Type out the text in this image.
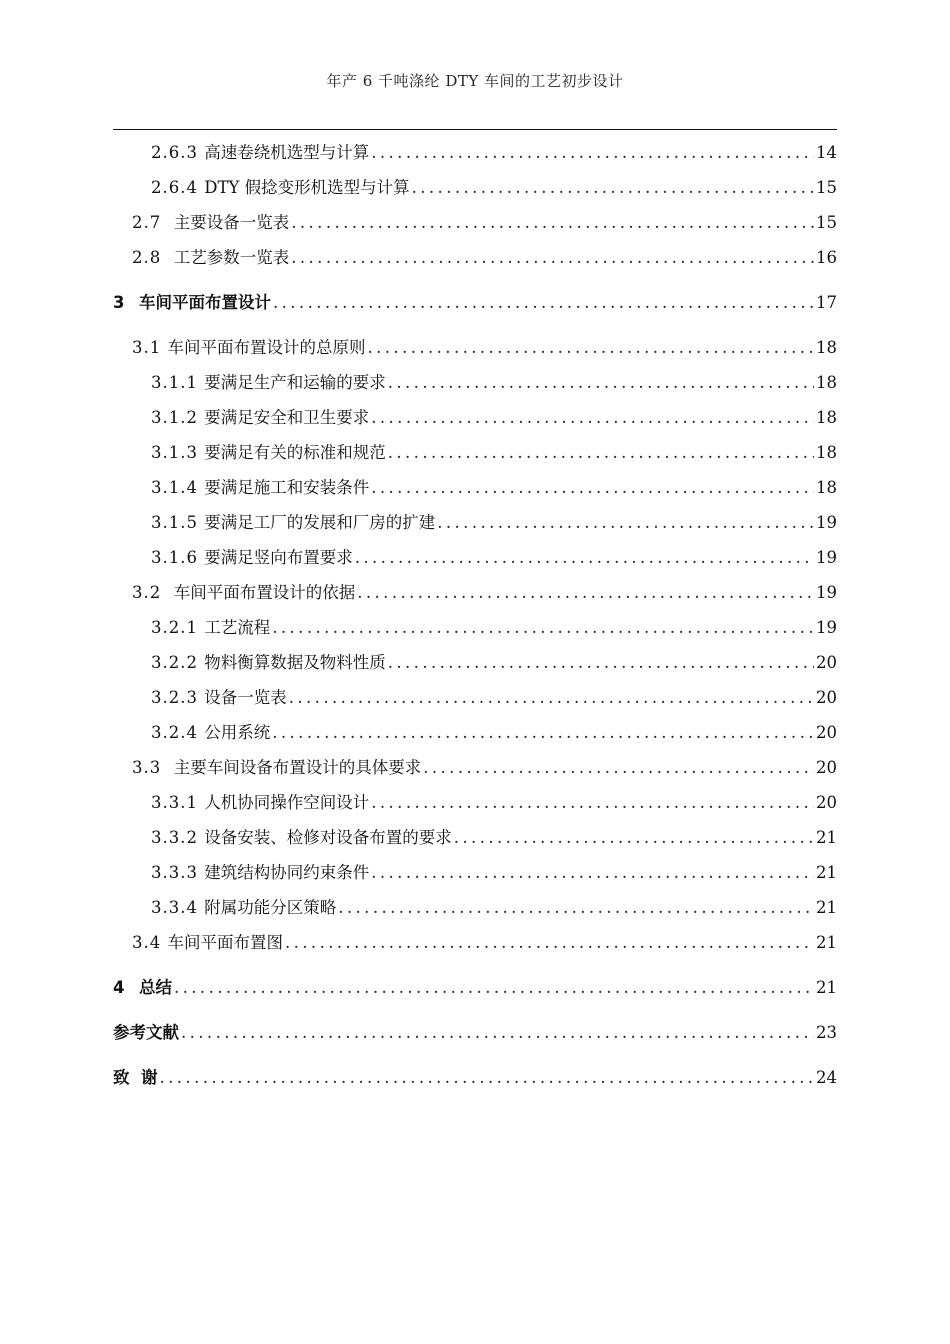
年产 6 千吨涤纶 DTY 车间的工艺初步设计
2.6.3 高速卷绕机选型与计算 .....	14
2.6.4 DTY 假捻变形机选型与计算 .....	15
2.7 主要设备一览表 .....	15
2.8 工艺参数一览表 .....	16
3 车间平面布置设计 .....	17
3.1 车间平面布置设计的总原则 .....	18
3.1.1 要满足生产和运输的要求 .....	18
3.1.2 要满足安全和卫生要求 .....	18
3.1.3 要满足有关的标准和规范 .....	18
3.1.4 要满足施工和安装条件 .....	18
3.1.5 要满足工厂的发展和厂房的扩建 .....	19
3.1.6 要满足竖向布置要求 .....	19
3.2 车间平面布置设计的依据 .....	19
3.2.1 工艺流程 .....	19
3.2.2 物料衡算数据及物料性质 .....	20
3.2.3 设备一览表 .....	20
3.2.4 公用系统 .....	20
3.3 主要车间设备布置设计的具体要求 .....	20
3.3.1 人机协同操作空间设计 .....	20
3.3.2 设备安装、检修对设备布置的要求 .....	21
3.3.3 建筑结构协同约束条件 .....	21
3.3.4 附属功能分区策略 .....	21
3.4 车间平面布置图 .....	21
4 总结 .....	21
参考文献 .....	23
致  谢 .....	24
